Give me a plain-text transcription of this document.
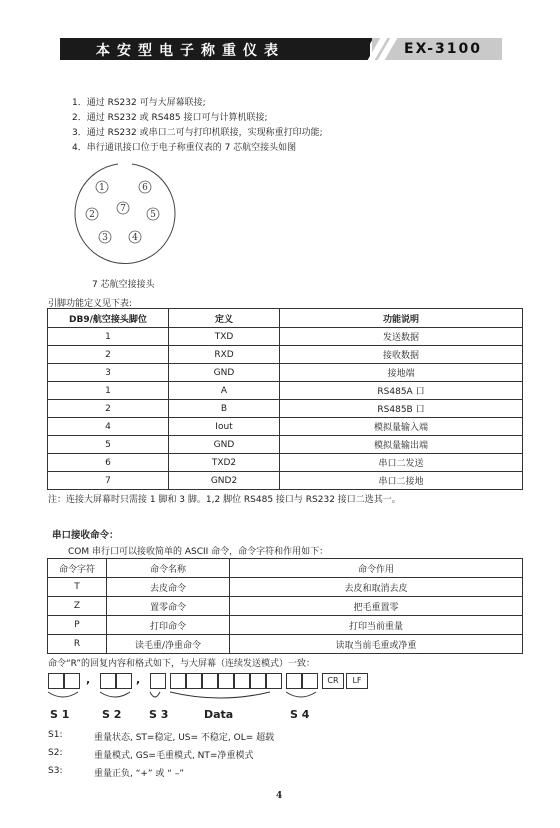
本安型电子称重仪表	EX-3100
1．通过 RS232 可与大屏幕联接;
2．通过 RS232 或 RS485 接口可与计算机联接;
3．通过 RS232 或串口二可与打印机联接，实现称重打印功能;
4．串行通讯接口位于电子称重仪表的 7 芯航空接头如图
1	6
2
7
5
3	4
7 芯航空接接头
引脚功能定义见下表:
DB9/航空接头脚位	定义	功能说明
1	TXD	发送数据
2	RXD	接收数据
3	GND	接地端
1	A	RS485A 口
2	B	RS485B 口
4	Iout	模拟量输入端
5	GND	模拟量输出端
6	TXD2	串口二发送
7	GND2	串口二接地
注：连接大屏幕时只需接 1 脚和 3 脚。1,2 脚位 RS485 接口与 RS232 接口二选其一。
串口接收命令：
COM 串行口可以接收简单的 ASCII 命令，命令字符和作用如下：
命令字符	命令名称	命令作用
T	去皮命令	去皮和取消去皮
Z	置零命令	把毛重置零
P	打印命令	打印当前重量
R	读毛重/净重命令	读取当前毛重或净重
命令“R”的回复内容和格式如下，与大屏幕（连续发送模式）一致：
,	,	CR	LF
S 1	S 2	S 3	Data	S 4
S1:	重量状态, ST=稳定, US= 不稳定, OL= 超载
S2:	重量模式, GS=毛重模式, NT=净重模式
S3:	重量正负, “+” 或 “ –”
4
